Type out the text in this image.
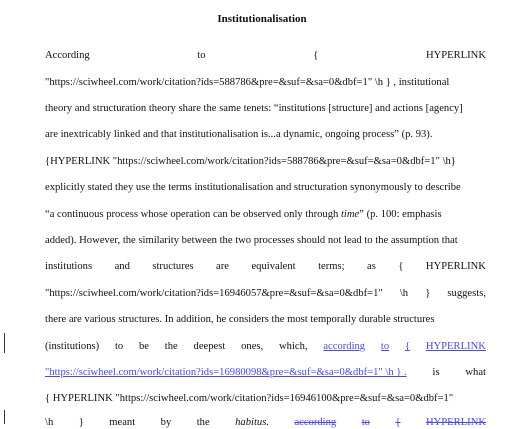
Institutionalisation
According	to	{	HYPERLINK
"https://sciwheel.com/work/citation?ids=588786&pre=&suf=&sa=0&dbf=1" \h } , institutional
theory and structuration theory share the same tenets: “institutions [structure] and actions [agency]
are inextricably linked and that institutionalisation is...a dynamic, ongoing process” (p. 93).
{HYPERLINK "https://sciwheel.com/work/citation?ids=588786&pre=&suf=&sa=0&dbf=1" \h}
explicitly stated they use the terms institutionalisation and structuration synonymously to describe
“a continuous process whose operation can be observed only through time” (p. 100: emphasis
added). However, the similarity between the two processes should not lead to the assumption that
institutions and structures are equivalent terms; as { HYPERLINK
"https://sciwheel.com/work/citation?ids=16946057&pre=&suf=&sa=0&dbf=1" \h } suggests,
there are various structures. In addition, he considers the most temporally durable structures
(institutions) to be the deepest ones, which, according to { HYPERLINK
"https://sciwheel.com/work/citation?ids=16980098&pre=&suf=&sa=0&dbf=1" \h } . is what
{ HYPERLINK "https://sciwheel.com/work/citation?ids=16946100&pre=&suf=&sa=0&dbf=1"
\h } meant by the habitus. according to { HYPERLINK
